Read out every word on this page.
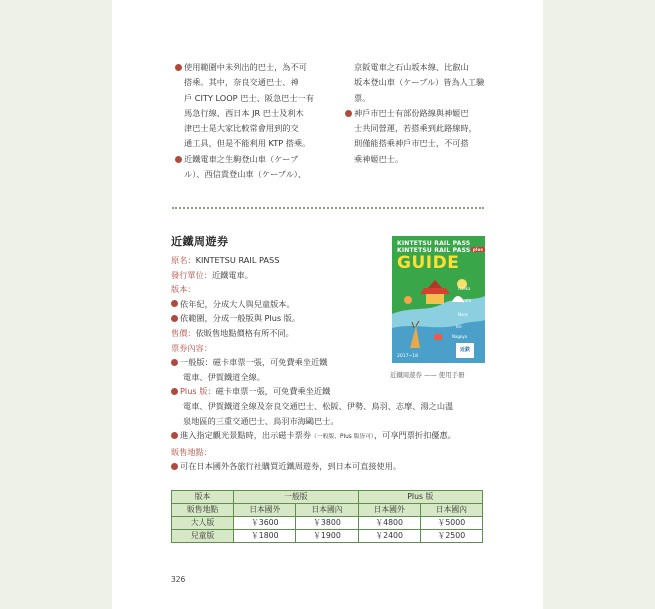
使用範圍中未列出的巴士，為不可
搭乘。其中，奈良交通巴士、神
戶 CITY LOOP 巴士、阪急巴士一有
馬急行線、西日本 JR 巴士及利木
津巴士是大家比較常會用到的交
通工具，但是不能利用 KTP 搭乘。
近鐵電車之生駒登山車（ケーブ
ル）、西信貴登山車（ケーブル）、
京阪電車之石山坂本線、比叡山
坂本登山車（ケーブル）皆為人工驗
票。
神戶市巴士有部份路線與神姬巴
士共同營運，若搭乘到此路線時，
則僅能搭乘神戶市巴士，不可搭
乘神姬巴士。
近鐵周遊券
原名：KINTETSU RAIL PASS
發行單位：近鐵電車。
版本：
依年紀，分成大人與兒童版本。
依範圍，分成一般版與 Plus 版。
售價：依販售地點價格有所不同。
票券內容：
一般版：磁卡車票一張，可免費乘坐近鐵
電車、伊賀鐵道全線。
Plus 版：磁卡車票一張，可免費乘坐近鐵
電車、伊賀鐵道全線及奈良交通巴士、松阪、伊勢、鳥羽、志摩、湯之山溫
泉地區的三重交通巴士、鳥羽市海鷗巴士。
進入指定觀光景點時，出示磁卡票券（一般版、Plus 版皆可），可享門票折扣優惠。
販售地點：
可在日本國外各旅行社購買近鐵周遊券，到日本可直接使用。
KINTETSU RAIL PASS
KINTETSU RAIL PASS plus
GUIDE
Osaka
Kyoto
Nara
Ise
Nagoya
2017~18
近鉄
近鐵周遊券 —— 使用手冊
版本	一般版		Plus 版	
販售地點	日本國外	日本國內	日本國外	日本國內
大人版	￥3600	￥3800	￥4800	￥5000
兒童版	￥1800	￥1900	￥2400	￥2500
326
